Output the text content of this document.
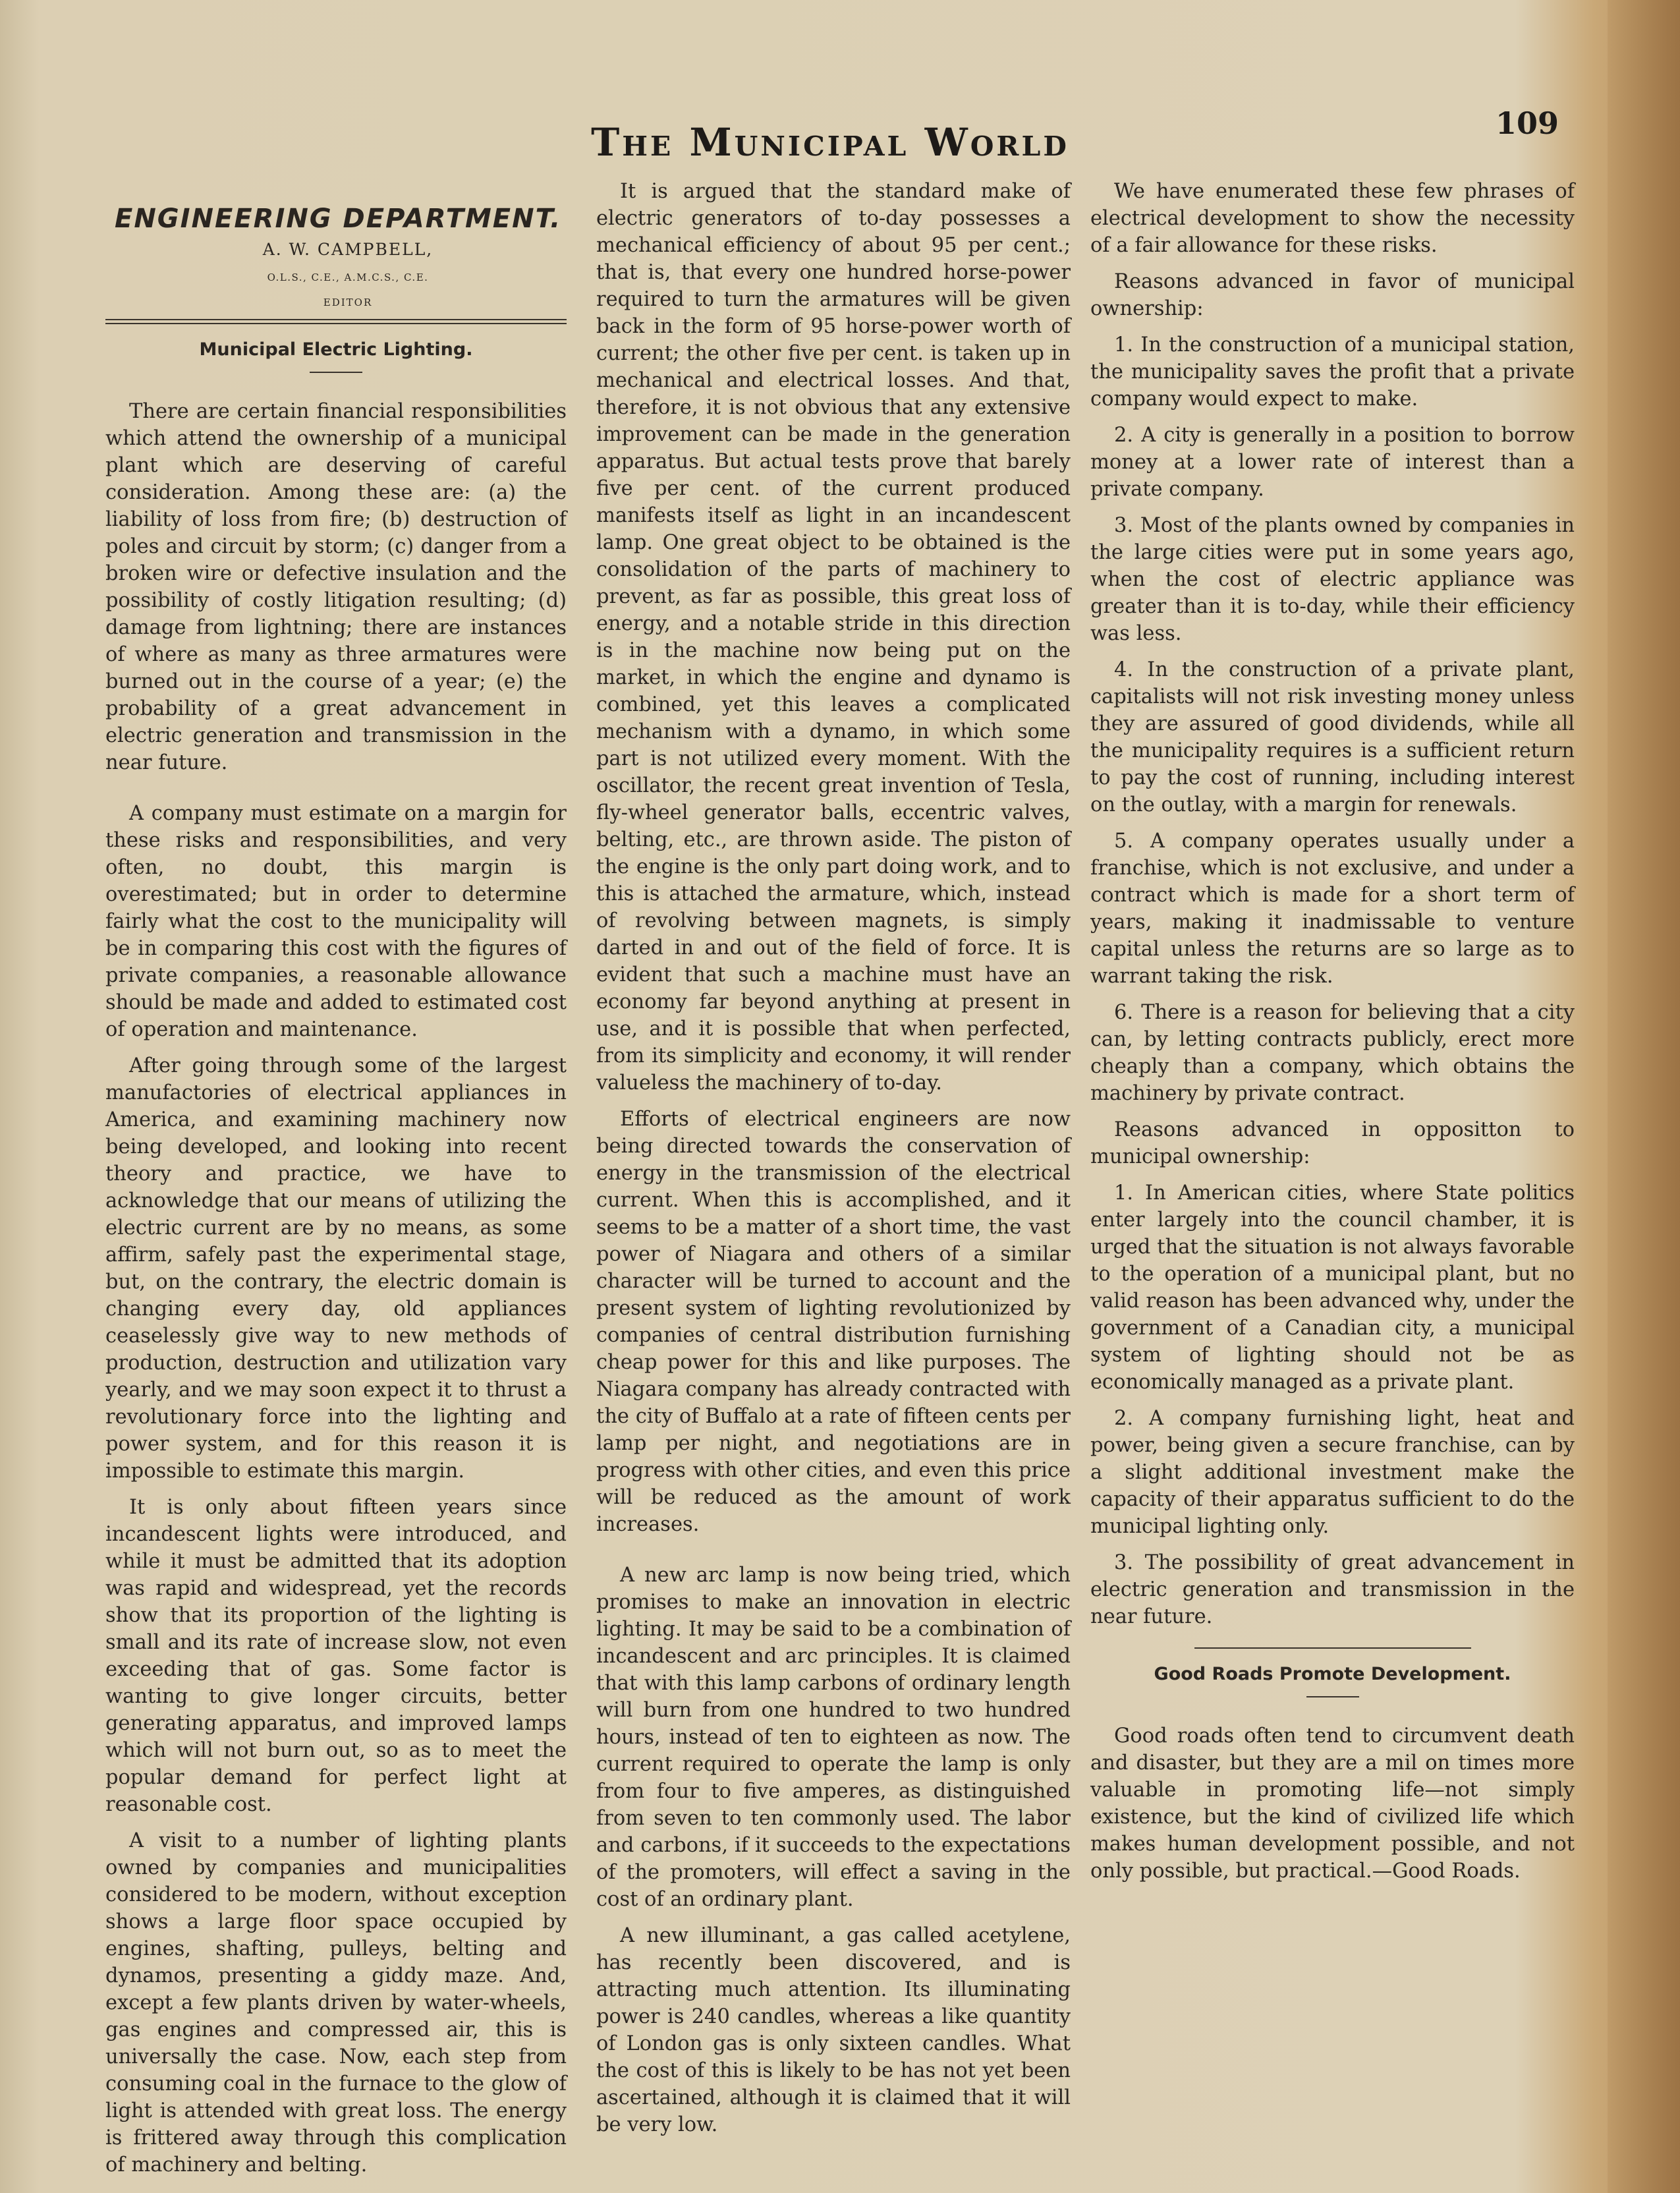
The Municipal World	109
ENGINEERING DEPARTMENT.

A. W. CAMPBELL,

O.L.S., C.E., A.M.C.S., C.E.

EDITOR

Municipal Electric Lighting.

There are certain financial responsibilities which attend the ownership of a municipal plant which are deserving of careful consideration. Among these are: (a) the liability of loss from fire; (b) destruction of poles and circuit by storm; (c) danger from a broken wire or defective insulation and the possibility of costly litigation resulting; (d) damage from lightning; there are instances of where as many as three armatures were burned out in the course of a year; (e) the probability of a great advancement in electric generation and transmission in the near future.

A company must estimate on a margin for these risks and responsibilities, and very often, no doubt, this margin is overestimated; but in order to determine fairly what the cost to the municipality will be in comparing this cost with the figures of private companies, a reasonable allowance should be made and added to estimated cost of operation and maintenance.

After going through some of the largest manufactories of electrical appliances in America, and examining machinery now being developed, and looking into recent theory and practice, we have to acknowledge that our means of utilizing the electric current are by no means, as some affirm, safely past the experimental stage, but, on the contrary, the electric domain is changing every day, old appliances ceaselessly give way to new methods of production, destruction and utilization vary yearly, and we may soon expect it to thrust a revolutionary force into the lighting and power system, and for this reason it is impossible to estimate this margin.

It is only about fifteen years since incandescent lights were introduced, and while it must be admitted that its adoption was rapid and widespread, yet the records show that its proportion of the lighting is small and its rate of increase slow, not even exceeding that of gas. Some factor is wanting to give longer circuits, better generating apparatus, and improved lamps which will not burn out, so as to meet the popular demand for perfect light at reasonable cost.

A visit to a number of lighting plants owned by companies and municipalities considered to be modern, without exception shows a large floor space occupied by engines, shafting, pulleys, belting and dynamos, presenting a giddy maze. And, except a few plants driven by water-wheels, gas engines and compressed air, this is universally the case. Now, each step from consuming coal in the furnace to the glow of light is attended with great loss. The energy is frittered away through this complication of machinery and belting.

It is argued that the standard make of electric generators of to-day possesses a mechanical efficiency of about 95 per cent.; that is, that every one hundred horse-power required to turn the armatures will be given back in the form of 95 horse-power worth of current; the other five per cent. is taken up in mechanical and electrical losses. And that, therefore, it is not obvious that any extensive improvement can be made in the generation apparatus. But actual tests prove that barely five per cent. of the current produced manifests itself as light in an incandescent lamp. One great object to be obtained is the consolidation of the parts of machinery to prevent, as far as possible, this great loss of energy, and a notable stride in this direction is in the machine now being put on the market, in which the engine and dynamo is combined, yet this leaves a complicated mechanism with a dynamo, in which some part is not utilized every moment. With the oscillator, the recent great invention of Tesla, fly-wheel generator balls, eccentric valves, belting, etc., are thrown aside. The piston of the engine is the only part doing work, and to this is attached the armature, which, instead of revolving between magnets, is simply darted in and out of the field of force. It is evident that such a machine must have an economy far beyond anything at present in use, and it is possible that when perfected, from its simplicity and economy, it will render valueless the machinery of to-day.

Efforts of electrical engineers are now being directed towards the conservation of energy in the transmission of the electrical current. When this is accomplished, and it seems to be a matter of a short time, the vast power of Niagara and others of a similar character will be turned to account and the present system of lighting revolutionized by companies of central distribution furnishing cheap power for this and like purposes. The Niagara company has already contracted with the city of Buffalo at a rate of fifteen cents per lamp per night, and negotiations are in progress with other cities, and even this price will be reduced as the amount of work increases.

A new arc lamp is now being tried, which promises to make an innovation in electric lighting. It may be said to be a combination of incandescent and arc principles. It is claimed that with this lamp carbons of ordinary length will burn from one hundred to two hundred hours, instead of ten to eighteen as now. The current required to operate the lamp is only from four to five amperes, as distinguished from seven to ten commonly used. The labor and carbons, if it succeeds to the expectations of the promoters, will effect a saving in the cost of an ordinary plant.

A new illuminant, a gas called acetylene, has recently been discovered, and is attracting much attention. Its illuminating power is 240 candles, whereas a like quantity of London gas is only sixteen candles. What the cost of this is likely to be has not yet been ascertained, although it is claimed that it will be very low.

We have enumerated these few phrases of electrical development to show the necessity of a fair allowance for these risks.

Reasons advanced in favor of municipal ownership:

1. In the construction of a municipal station, the municipality saves the profit that a private company would expect to make.

2. A city is generally in a position to borrow money at a lower rate of interest than a private company.

3. Most of the plants owned by companies in the large cities were put in some years ago, when the cost of electric appliance was greater than it is to-day, while their efficiency was less.

4. In the construction of a private plant, capitalists will not risk investing money unless they are assured of good dividends, while all the municipality requires is a sufficient return to pay the cost of running, including interest on the outlay, with a margin for renewals.

5. A company operates usually under a franchise, which is not exclusive, and under a contract which is made for a short term of years, making it inadmissable to venture capital unless the returns are so large as to warrant taking the risk.

6. There is a reason for believing that a city can, by letting contracts publicly, erect more cheaply than a company, which obtains the machinery by private contract.

Reasons advanced in oppositton to municipal ownership:

1. In American cities, where State politics enter largely into the council chamber, it is urged that the situation is not always favorable to the operation of a municipal plant, but no valid reason has been advanced why, under the government of a Canadian city, a municipal system of lighting should not be as economically managed as a private plant.

2. A company furnishing light, heat and power, being given a secure franchise, can by a slight additional investment make the capacity of their apparatus sufficient to do the municipal lighting only.

3. The possibility of great advancement in electric generation and transmission in the near future.

Good Roads Promote Development.

Good roads often tend to circumvent death and disaster, but they are a mil on times more valuable in promoting life—not simply existence, but the kind of civilized life which makes human development possible, and not only possible, but practical.—Good Roads.
